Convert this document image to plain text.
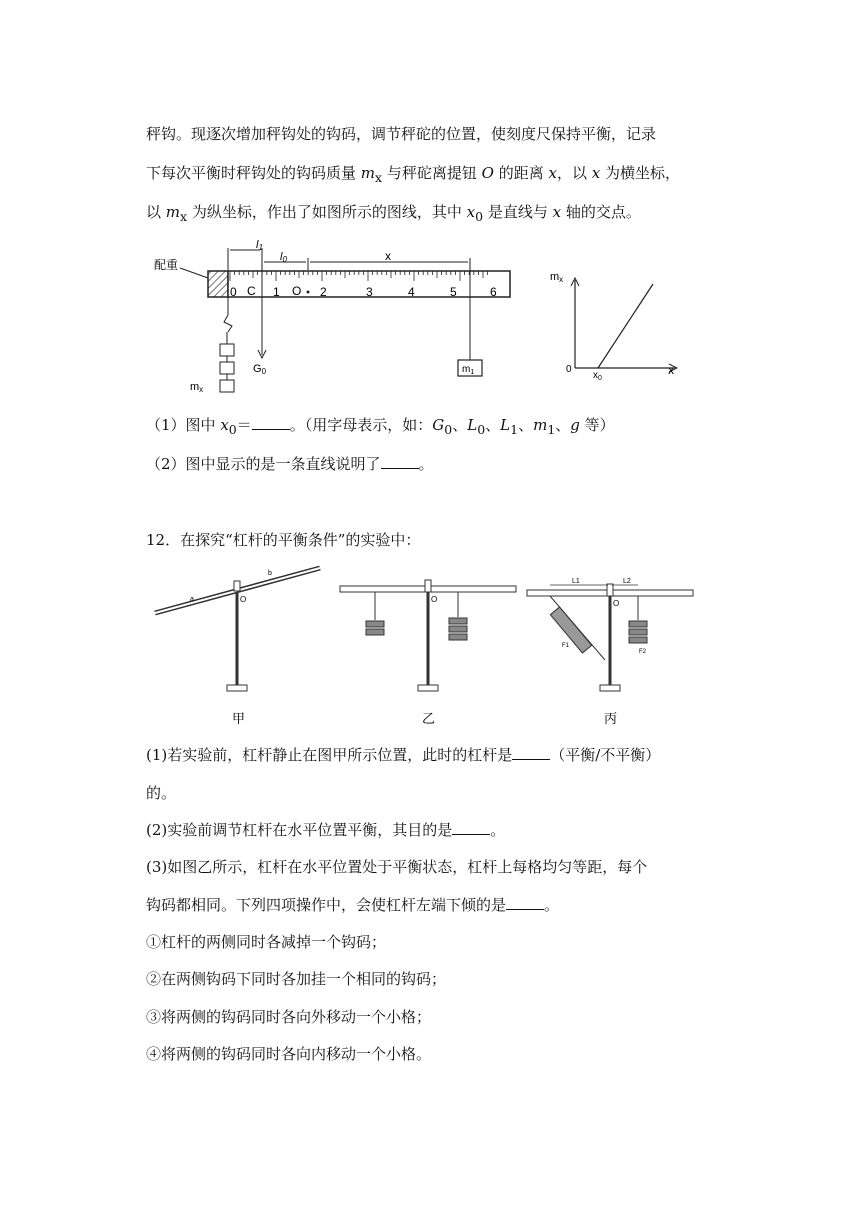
秤钩。现逐次增加秤钩处的钩码，调节秤砣的位置，使刻度尺保持平衡，记录
下每次平衡时秤钩处的钩码质量 $m_x$ 与秤砣离提钮 O 的距离 x，以 x 为横坐标，
以 $m_x$ 为纵坐标，作出了如图所示的图线，其中 $x_0$ 是直线与 x 轴的交点。
配重
0	1	2	3	4	5	6
C	O
l1
l0	x
G0
mx
$m_1$
mx
x
0
$x_0$
（1）图中 $x_0=$	。（用字母表示，如：$G_0$、$L_0$、$L_1$、$m_1$、g 等）
（2）图中显示的是一条直线说明了	。
12．在探究“杠杆的平衡条件”的实验中：
a
b
O	O	O
L1	L2
F1
F2
甲	乙	丙
(1)若实验前，杠杆静止在图甲所示位置，此时的杠杆是	（平衡/不平衡）
的。
(2)实验前调节杠杆在水平位置平衡，其目的是	。
(3)如图乙所示，杠杆在水平位置处于平衡状态，杠杆上每格均匀等距，每个
钩码都相同。下列四项操作中，会使杠杆左端下倾的是	。
①杠杆的两侧同时各减掉一个钩码；
②在两侧钩码下同时各加挂一个相同的钩码；
③将两侧的钩码同时各向外移动一个小格；
④将两侧的钩码同时各向内移动一个小格。
